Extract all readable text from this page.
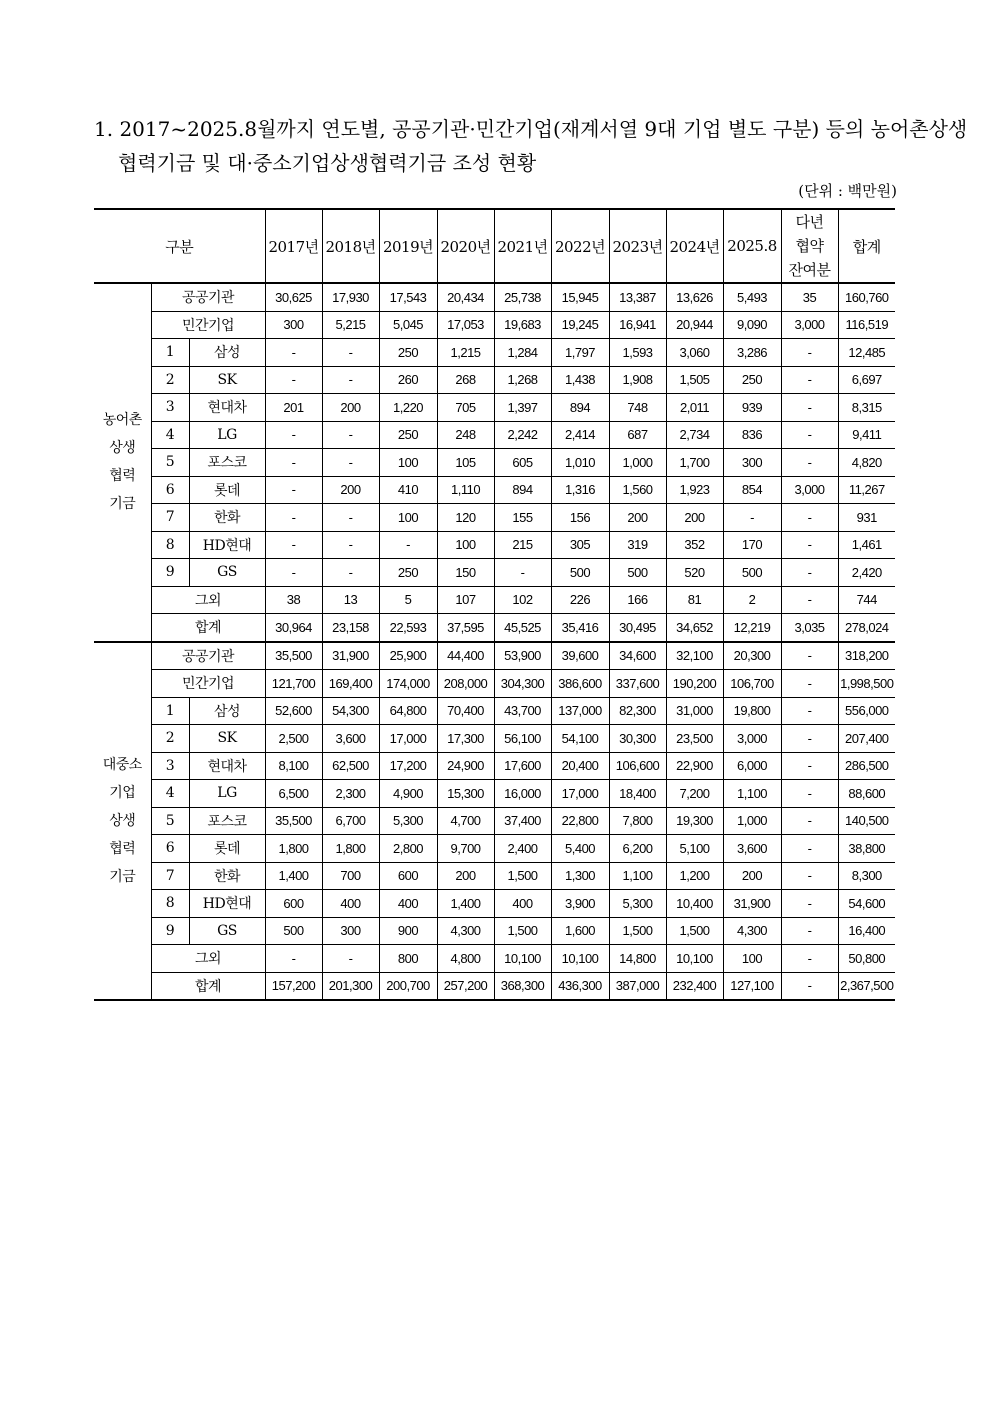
1. 2017~2025.8월까지 연도별, 공공기관·민간기업(재계서열 9대 기업 별도 구분) 등의 농어촌상생
협력기금 및 대·중소기업상생협력기금 조성 현황
(단위 : 백만원)
구분			2017년	2018년	2019년	2020년	2021년	2022년	2023년	2024년	2025.8	다년
협약
잔여분	합계
농어촌
상생
협력
기금	공공기관		30,625	17,930	17,543	20,434	25,738	15,945	13,387	13,626	5,493	35	160,760
	민간기업		300	5,215	5,045	17,053	19,683	19,245	16,941	20,944	9,090	3,000	116,519
	1	삼성	-	-	250	1,215	1,284	1,797	1,593	3,060	3,286	-	12,485
	2	SK	-	-	260	268	1,268	1,438	1,908	1,505	250	-	6,697
	3	현대차	201	200	1,220	705	1,397	894	748	2,011	939	-	8,315
	4	LG	-	-	250	248	2,242	2,414	687	2,734	836	-	9,411
	5	포스코	-	-	100	105	605	1,010	1,000	1,700	300	-	4,820
	6	롯데	-	200	410	1,110	894	1,316	1,560	1,923	854	3,000	11,267
	7	한화	-	-	100	120	155	156	200	200	-	-	931
	8	HD현대	-	-	-	100	215	305	319	352	170	-	1,461
	9	GS	-	-	250	150	-	500	500	520	500	-	2,420
	그외		38	13	5	107	102	226	166	81	2	-	744
	합계		30,964	23,158	22,593	37,595	45,525	35,416	30,495	34,652	12,219	3,035	278,024
대중소
기업
상생
협력
기금	공공기관		35,500	31,900	25,900	44,400	53,900	39,600	34,600	32,100	20,300	-	318,200
	민간기업		121,700	169,400	174,000	208,000	304,300	386,600	337,600	190,200	106,700	-	1,998,500
	1	삼성	52,600	54,300	64,800	70,400	43,700	137,000	82,300	31,000	19,800	-	556,000
	2	SK	2,500	3,600	17,000	17,300	56,100	54,100	30,300	23,500	3,000	-	207,400
	3	현대차	8,100	62,500	17,200	24,900	17,600	20,400	106,600	22,900	6,000	-	286,500
	4	LG	6,500	2,300	4,900	15,300	16,000	17,000	18,400	7,200	1,100	-	88,600
	5	포스코	35,500	6,700	5,300	4,700	37,400	22,800	7,800	19,300	1,000	-	140,500
	6	롯데	1,800	1,800	2,800	9,700	2,400	5,400	6,200	5,100	3,600	-	38,800
	7	한화	1,400	700	600	200	1,500	1,300	1,100	1,200	200	-	8,300
	8	HD현대	600	400	400	1,400	400	3,900	5,300	10,400	31,900	-	54,600
	9	GS	500	300	900	4,300	1,500	1,600	1,500	1,500	4,300	-	16,400
	그외		-	-	800	4,800	10,100	10,100	14,800	10,100	100	-	50,800
	합계		157,200	201,300	200,700	257,200	368,300	436,300	387,000	232,400	127,100	-	2,367,500
